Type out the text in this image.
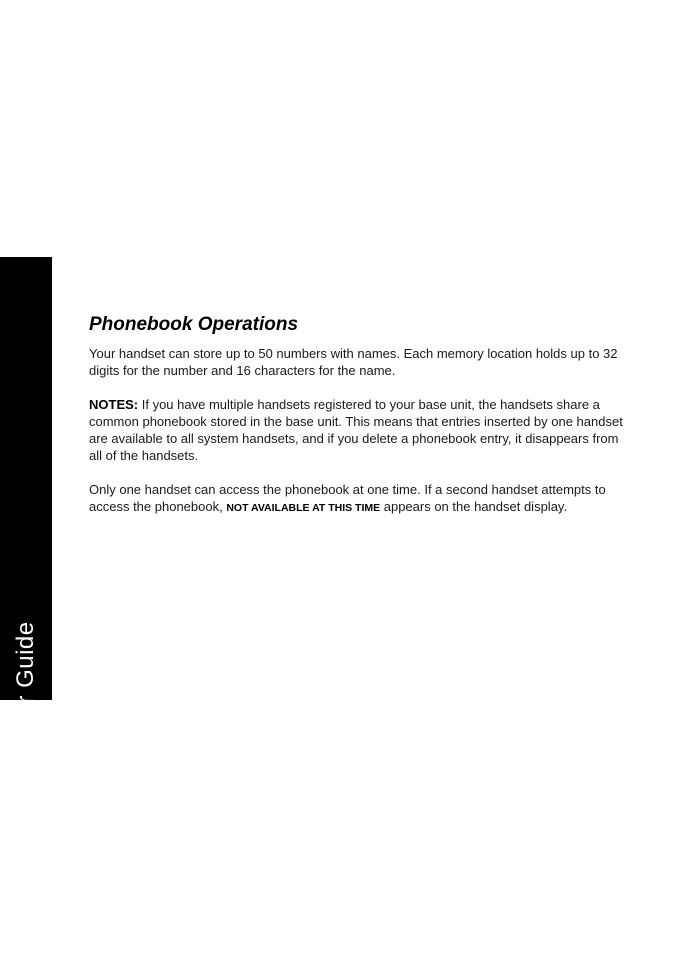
MD7151 User Guide
18
Phonebook Operations

Your handset can store up to 50 numbers with names. Each memory location holds up to 32 digits for the number and 16 characters for the name.

NOTES: If you have multiple handsets registered to your base unit, the handsets share a common phonebook stored in the base unit. This means that entries inserted by one handset are available to all system handsets, and if you delete a phonebook entry, it disappears from all of the handsets.

Only one handset can access the phonebook at one time. If a second handset attempts to access the phonebook, NOT AVAILABLE AT THIS TIME appears on the handset display.
